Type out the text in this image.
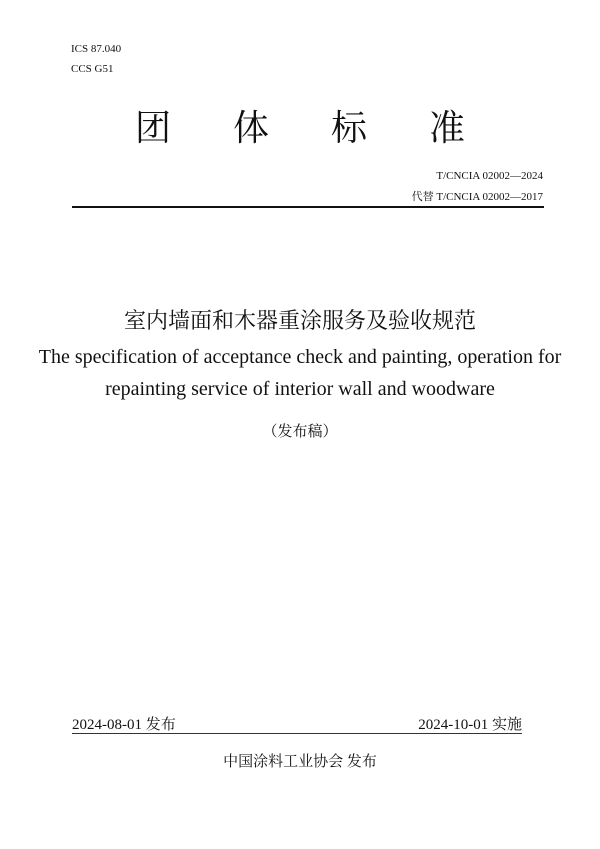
ICS 87.040
CCS G51
团 体 标 准
T/CNCIA 02002—2024
代替 T/CNCIA 02002—2017
室内墙面和木器重涂服务及验收规范
The specification of acceptance check and painting, operation for
repainting service of interior wall and woodware
（发布稿）
2024-08-01 发布	2024-10-01 实施
中国涂料工业协会 发布
